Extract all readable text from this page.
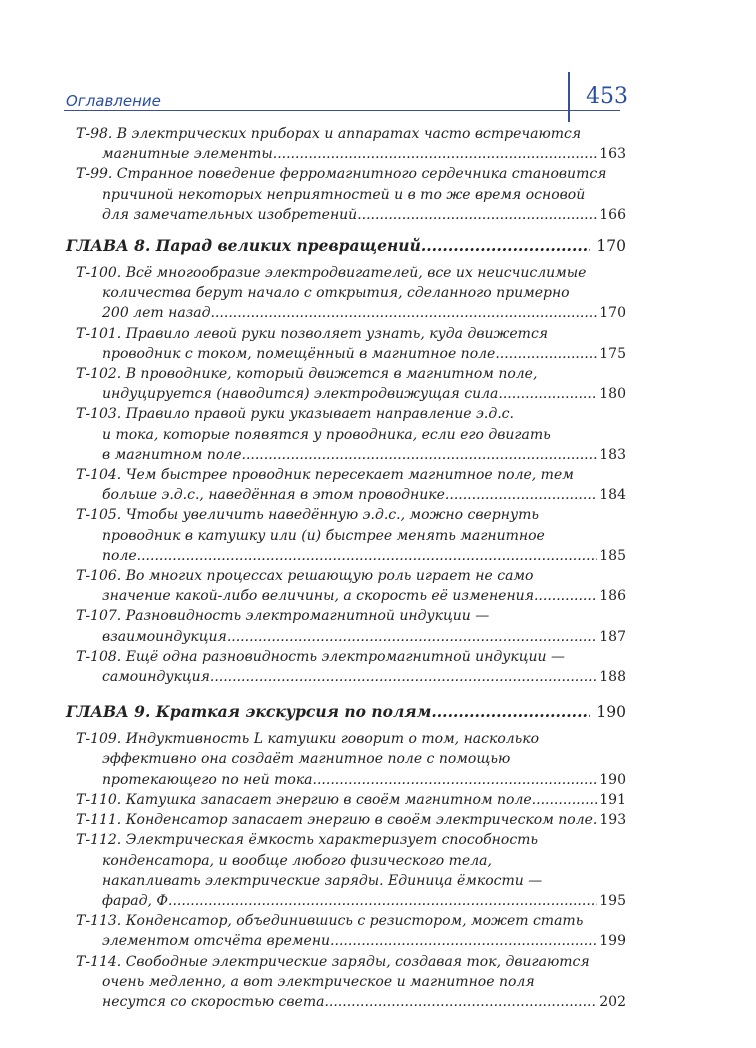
Оглавление	453
Т-98. В электрических приборах и аппаратах часто встречаются
магнитные элементы. .....	163
Т-99. Странное поведение ферромагнитного сердечника становится
причиной некоторых неприятностей и в то же время основой
для замечательных изобретений. .....	166
ГЛАВА 8. Парад великих превращений .....	170
Т-100. Всё многообразие электродвигателей, все их неисчислимые
количества берут начало с открытия, сделанного примерно
200 лет назад. .....	170
Т-101. Правило левой руки позволяет узнать, куда движется
проводник с током, помещённый в магнитное поле. .....	175
Т-102. В проводнике, который движется в магнитном поле,
индуцируется (наводится) электродвижущая сила. .....	180
Т-103. Правило правой руки указывает направление э.д.с.
и тока, которые появятся у проводника, если его двигать
в магнитном поле. .....	183
Т-104. Чем быстрее проводник пересекает магнитное поле, тем
больше э.д.с., наведённая в этом проводнике. .....	184
Т-105. Чтобы увеличить наведённую э.д.с., можно свернуть
проводник в катушку или (и) быстрее менять магнитное
поле. .....	185
Т-106. Во многих процессах решающую роль играет не само
значение какой-либо величины, а скорость её изменения. .....	186
Т-107. Разновидность электромагнитной индукции —
взаимоиндукция. .....	187
Т-108. Ещё одна разновидность электромагнитной индукции —
самоиндукция. .....	188
ГЛАВА 9. Краткая экскурсия по полям .....	190
Т-109. Индуктивность L катушки говорит о том, насколько
эффективно она создаёт магнитное поле с помощью
протекающего по ней тока. .....	190
Т-110. Катушка запасает энергию в своём магнитном поле. .....	191
Т-111. Конденсатор запасает энергию в своём электрическом поле. 193
Т-112. Электрическая ёмкость характеризует способность
конденсатора, и вообще любого физического тела,
накапливать электрические заряды. Единица ёмкости —
фарад, Ф. .....	195
Т-113. Конденсатор, объединившись с резистором, может стать
элементом отсчёта времени. .....	199
Т-114. Свободные электрические заряды, создавая ток, двигаются
очень медленно, а вот электрическое и магнитное поля
несутся со скоростью света. .....	202
